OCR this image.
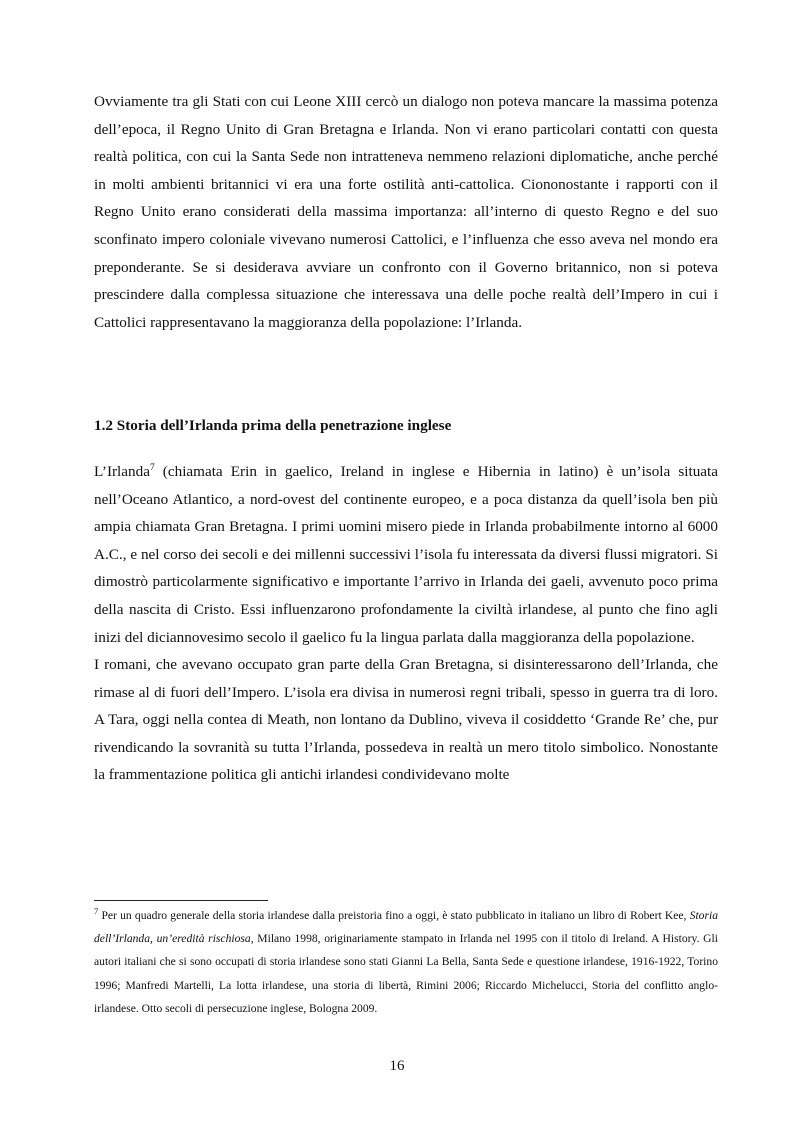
Ovviamente tra gli Stati con cui Leone XIII cercò un dialogo non poteva mancare la massima potenza dell’epoca, il Regno Unito di Gran Bretagna e Irlanda. Non vi erano particolari contatti con questa realtà politica, con cui la Santa Sede non intratteneva nemmeno relazioni diplomatiche, anche perché in molti ambienti britannici vi era una forte ostilità anti-cattolica. Ciononostante i rapporti con il Regno Unito erano considerati della massima importanza: all’interno di questo Regno e del suo sconfinato impero coloniale vivevano numerosi Cattolici, e l’influenza che esso aveva nel mondo era preponderante. Se si desiderava avviare un confronto con il Governo britannico, non si poteva prescindere dalla complessa situazione che interessava una delle poche realtà dell’Impero in cui i Cattolici rappresentavano la maggioranza della popolazione: l’Irlanda.

1.2 Storia dell’Irlanda prima della penetrazione inglese

L’Irlanda$^7$ (chiamata Erin in gaelico, Ireland in inglese e Hibernia in latino) è un’isola situata nell’Oceano Atlantico, a nord-ovest del continente europeo, e a poca distanza da quell’isola ben più ampia chiamata Gran Bretagna. I primi uomini misero piede in Irlanda probabilmente intorno al 6000 A.C., e nel corso dei secoli e dei millenni successivi l’isola fu interessata da diversi flussi migratori. Si dimostrò particolarmente significativo e importante l’arrivo in Irlanda dei gaeli, avvenuto poco prima della nascita di Cristo. Essi influenzarono profondamente la civiltà irlandese, al punto che fino agli inizi del diciannovesimo secolo il gaelico fu la lingua parlata dalla maggioranza della popolazione.

I romani, che avevano occupato gran parte della Gran Bretagna, si disinteressarono dell’Irlanda, che rimase al di fuori dell’Impero. L’isola era divisa in numerosi regni tribali, spesso in guerra tra di loro. A Tara, oggi nella contea di Meath, non lontano da Dublino, viveva il cosiddetto ‘Grande Re’ che, pur rivendicando la sovranità su tutta l’Irlanda, possedeva in realtà un mero titolo simbolico. Nonostante la frammentazione politica gli antichi irlandesi condividevano molte

$^7$ Per un quadro generale della storia irlandese dalla preistoria fino a oggi, è stato pubblicato in italiano un libro di Robert Kee, Storia dell’Irlanda, un’eredità rischiosa, Milano 1998, originariamente stampato in Irlanda nel 1995 con il titolo di Ireland. A History. Gli autori italiani che si sono occupati di storia irlandese sono stati Gianni La Bella, Santa Sede e questione irlandese, 1916-1922, Torino 1996; Manfredi Martelli, La lotta irlandese, una storia di libertà, Rimini 2006; Riccardo Michelucci, Storia del conflitto anglo-irlandese. Otto secoli di persecuzione inglese, Bologna 2009.

16
